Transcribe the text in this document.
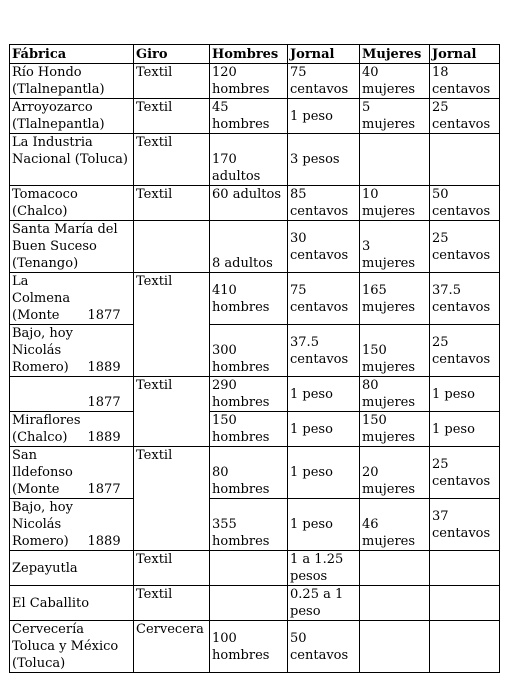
Fábrica		Giro	Hombres	Jornal	Mujeres	Jornal
Río Hondo (Tlalnepantla)		Textil	120 hombres	75 centavos	40 mujeres	18 centavos
Arroyozarco (Tlalnepantla)		Textil	45 hombres	1 peso	5 mujeres	25 centavos
La Industria Nacional (Toluca)		Textil	170 adultos	3 pesos		
Tomacoco (Chalco)		Textil	60 adultos	85 centavos	10 mujeres	50 centavos
Santa María del Buen Suceso (Tenango)			8 adultos	30 centavos	3 mujeres	25 centavos
La Colmena (Monte	1877	Textil	410 hombres	75 centavos	165 mujeres	37.5 centavos
Bajo, hoy Nicolás Romero)	1889		300 hombres	37.5 centavos	150 mujeres	25 centavos
	1877	Textil	290 hombres	1 peso	80 mujeres	1 peso
Miraflores (Chalco)	1889		150 hombres	1 peso	150 mujeres	1 peso
San Ildefonso (Monte	1877	Textil	80 hombres	1 peso	20 mujeres	25 centavos
Bajo, hoy Nicolás Romero)	1889		355 hombres	1 peso	46 mujeres	37 centavos
Zepayutla		Textil		1 a 1.25 pesos		
El Caballito		Textil		0.25 a 1 peso		
Cervecería Toluca y México (Toluca)		Cervecera	100 hombres	50 centavos		
